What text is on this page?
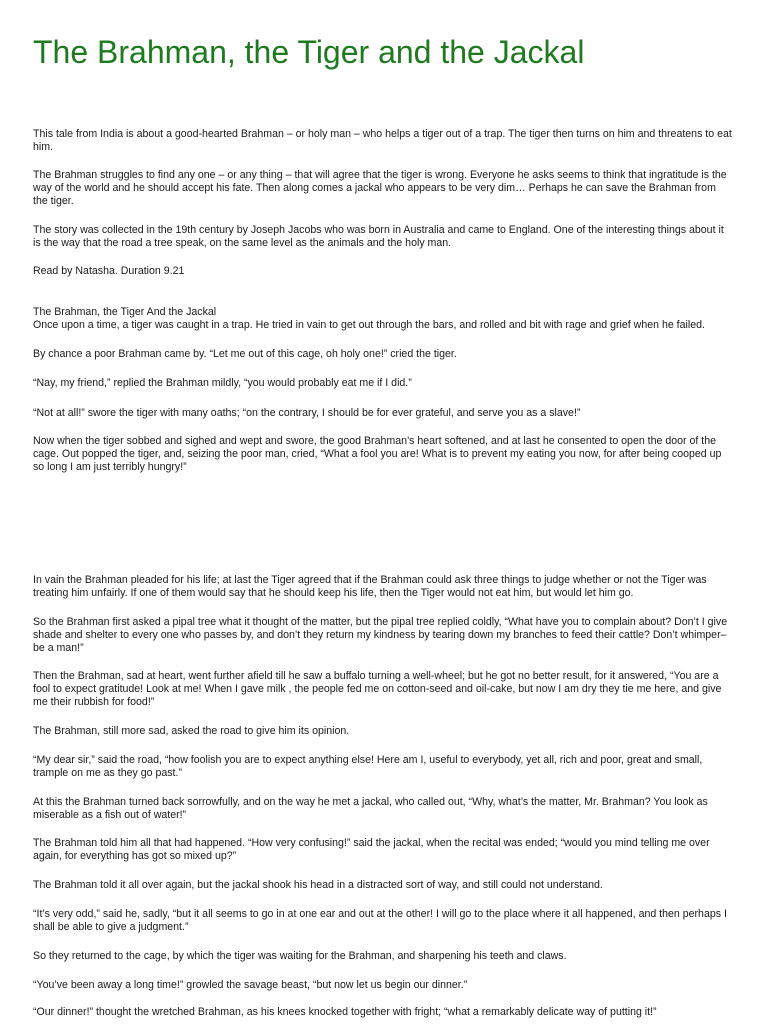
The Brahman, the Tiger and the Jackal

This tale from India is about a good-hearted Brahman – or holy man – who helps a tiger out of a trap. The tiger then turns on him and threatens to eat him.

The Brahman struggles to find any one – or any thing – that will agree that the tiger is wrong. Everyone he asks seems to think that ingratitude is the way of the world and he should accept his fate. Then along comes a jackal who appears to be very dim… Perhaps he can save the Brahman from the tiger.

The story was collected in the 19th century by Joseph Jacobs who was born in Australia and came to England. One of the interesting things about it is the way that the road a tree speak, on the same level as the animals and the holy man.

Read by Natasha. Duration 9.21

The Brahman, the Tiger And the Jackal

Once upon a time, a tiger was caught in a trap. He tried in vain to get out through the bars, and rolled and bit with rage and grief when he failed.

By chance a poor Brahman came by. “Let me out of this cage, oh holy one!” cried the tiger.

“Nay, my friend,” replied the Brahman mildly, “you would probably eat me if I did.”

“Not at all!” swore the tiger with many oaths; “on the contrary, I should be for ever grateful, and serve you as a slave!”

Now when the tiger sobbed and sighed and wept and swore, the good Brahman’s heart softened, and at last he consented to open the door of the cage. Out popped the tiger, and, seizing the poor man, cried, “What a fool you are! What is to prevent my eating you now, for after being cooped up so long I am just terribly hungry!”

In vain the Brahman pleaded for his life; at last the Tiger agreed that if the Brahman could ask three things to judge whether or not the Tiger was treating him unfairly. If one of them would say that he should keep his life, then the Tiger would not eat him, but would let him go.

So the Brahman first asked a pipal tree what it thought of the matter, but the pipal tree replied coldly, “What have you to complain about? Don’t I give shade and shelter to every one who passes by, and don’t they return my kindness by tearing down my branches to feed their cattle? Don’t whimper–be a man!”

Then the Brahman, sad at heart, went further afield till he saw a buffalo turning a well-wheel; but he got no better result, for it answered, “You are a fool to expect gratitude! Look at me! When I gave milk , the people fed me on cotton-seed and oil-cake, but now I am dry they tie me here, and give me their rubbish for food!”

The Brahman, still more sad, asked the road to give him its opinion.

“My dear sir,” said the road, “how foolish you are to expect anything else! Here am I, useful to everybody, yet all, rich and poor, great and small, trample on me as they go past.”

At this the Brahman turned back sorrowfully, and on the way he met a jackal, who called out, “Why, what’s the matter, Mr. Brahman? You look as miserable as a fish out of water!”

The Brahman told him all that had happened. “How very confusing!” said the jackal, when the recital was ended; “would you mind telling me over again, for everything has got so mixed up?”

The Brahman told it all over again, but the jackal shook his head in a distracted sort of way, and still could not understand.

“It’s very odd,” said he, sadly, “but it all seems to go in at one ear and out at the other! I will go to the place where it all happened, and then perhaps I shall be able to give a judgment.”

So they returned to the cage, by which the tiger was waiting for the Brahman, and sharpening his teeth and claws.

“You’ve been away a long time!” growled the savage beast, “but now let us begin our dinner.”

“Our dinner!” thought the wretched Brahman, as his knees knocked together with fright; “what a remarkably delicate way of putting it!”
